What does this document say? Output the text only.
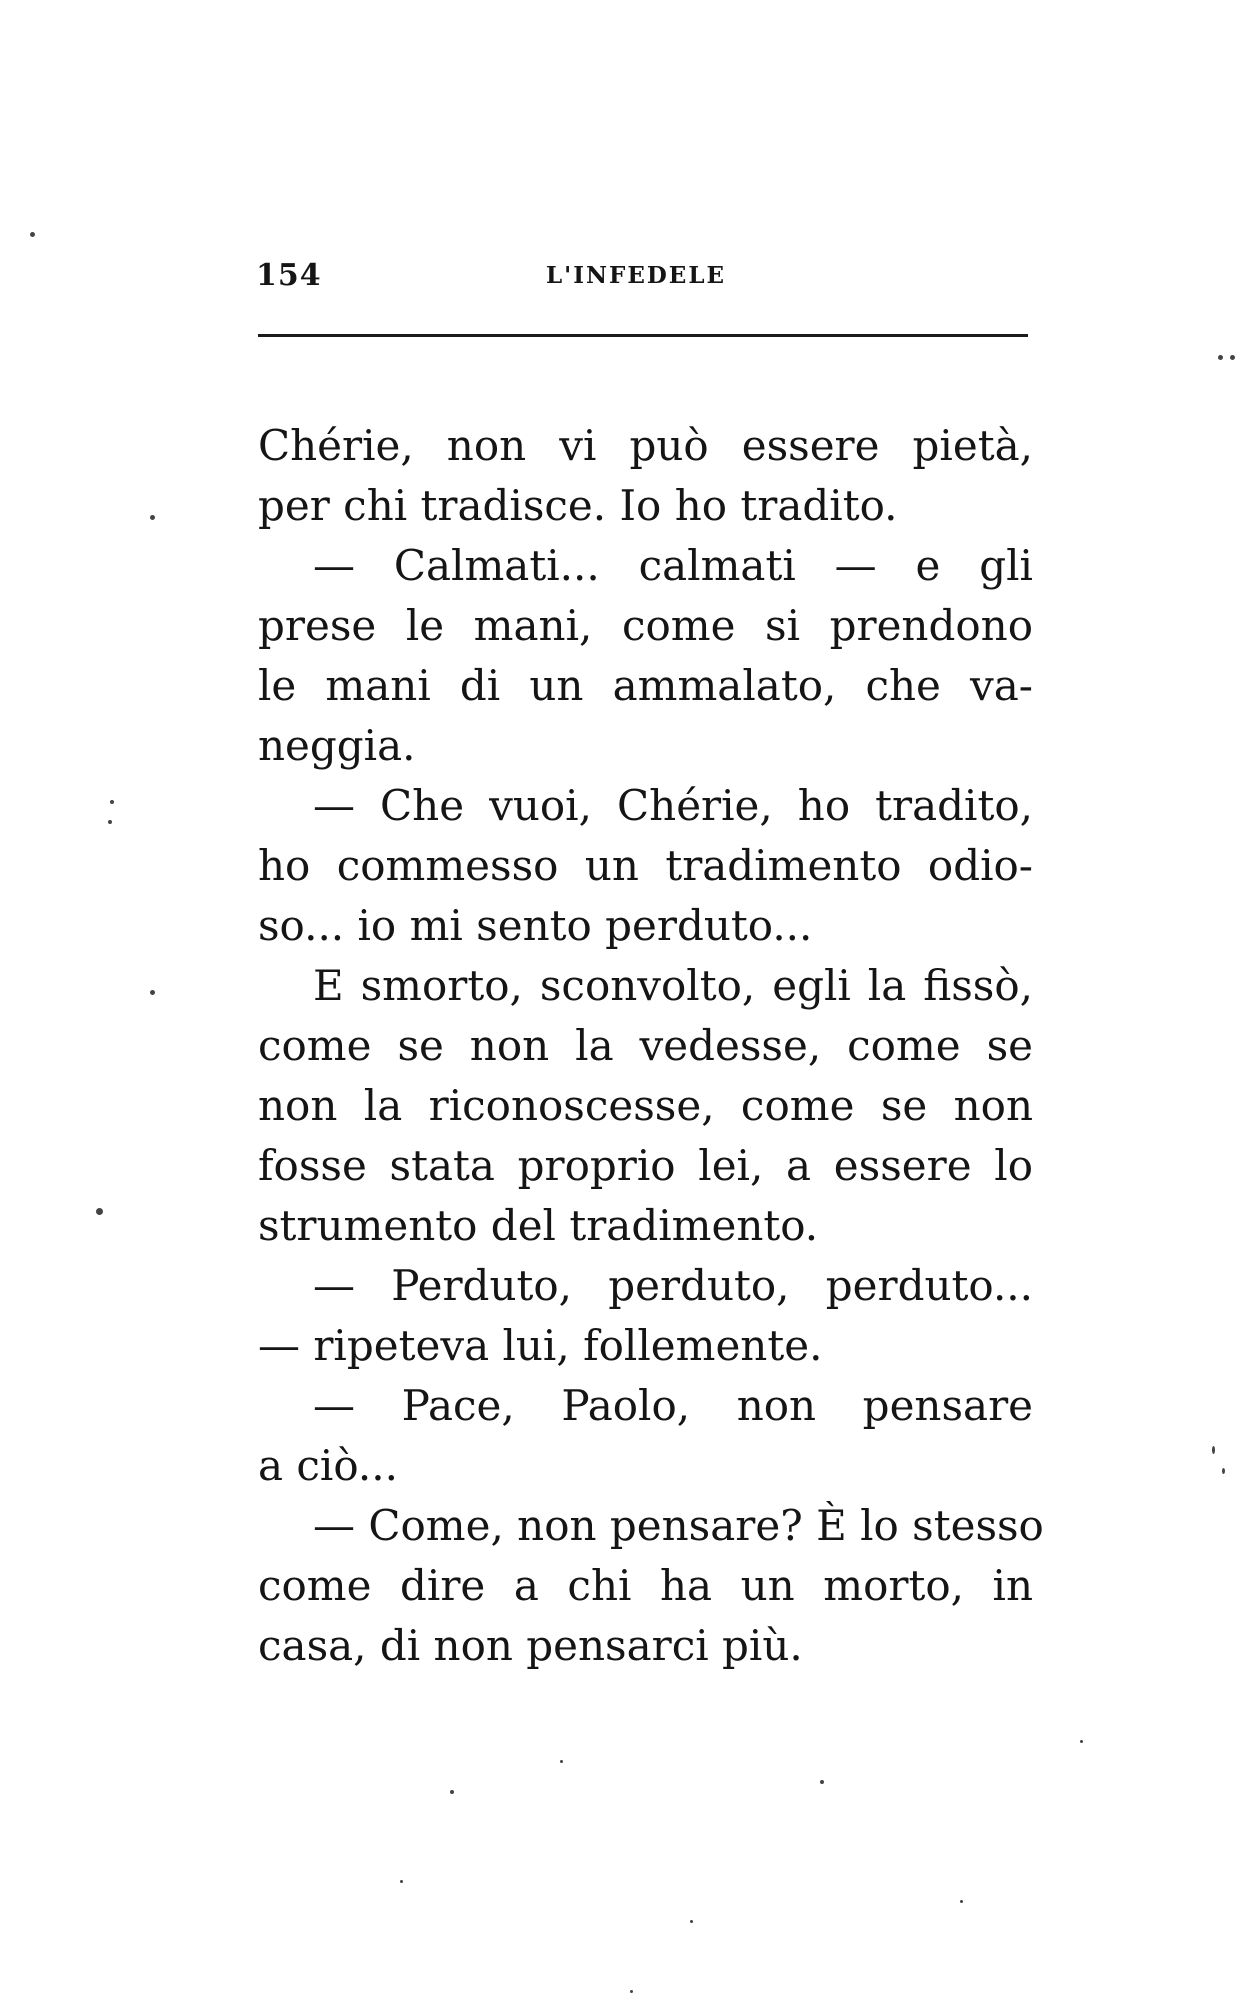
154	L'INFEDELE
Chérie, non vi può essere pietà,
per chi tradisce. Io ho tradito.
— Calmati... calmati — e gli
prese le mani, come si prendono
le mani di un ammalato, che va-
neggia.
— Che vuoi, Chérie, ho tradito,
ho commesso un tradimento odio-
so... io mi sento perduto...
E smorto, sconvolto, egli la fissò,
come se non la vedesse, come se
non la riconoscesse, come se non
fosse stata proprio lei, a essere lo
strumento del tradimento.
— Perduto, perduto, perduto...
— ripeteva lui, follemente.
— Pace, Paolo, non pensare
a ciò...
— Come, non pensare? È lo stesso
come dire a chi ha un morto, in
casa, di non pensarci più.
